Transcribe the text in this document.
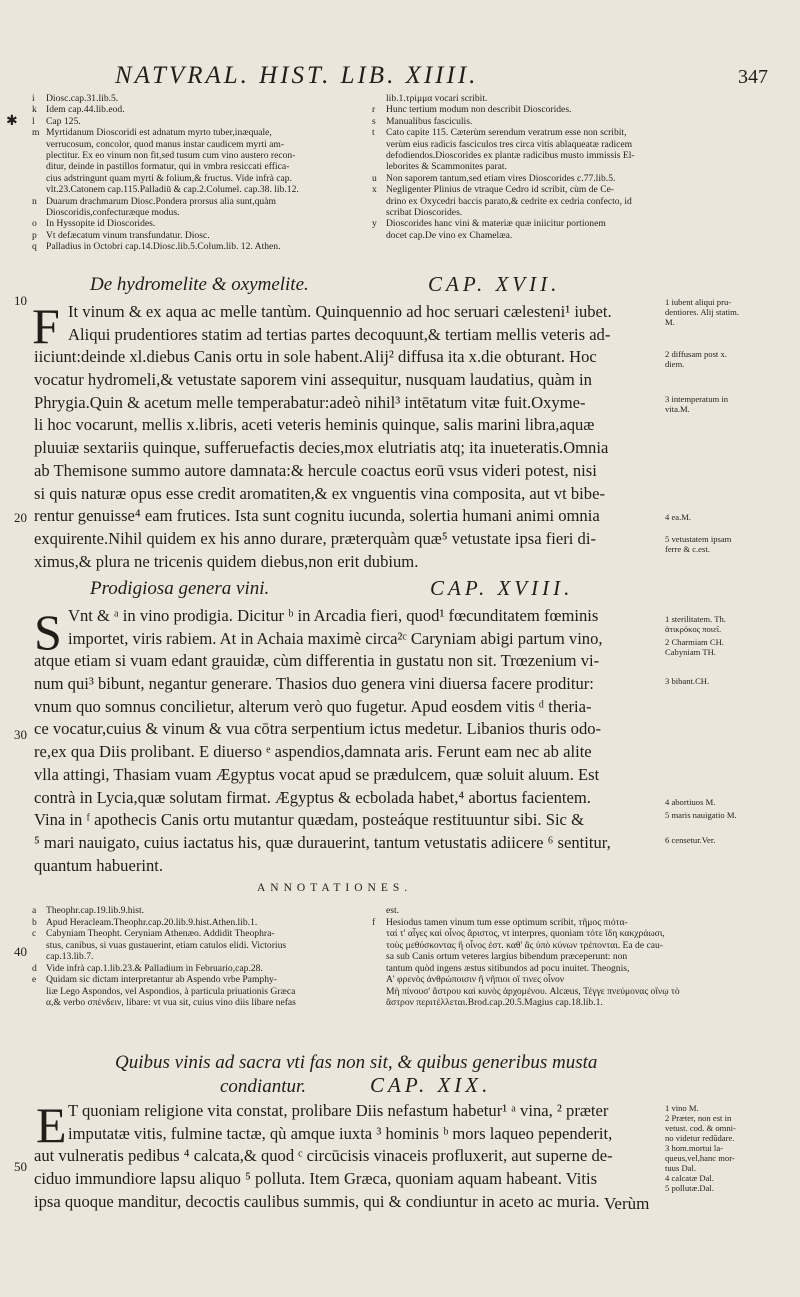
NATVRAL. HIST. LIB. XIIII.	347
✱
i Diosc.cap.31.lib.5.
k Idem cap.44.lib.eod.
l Cap 125.
m Myrtidanum Dioscoridi est adnatum myrto tuber,inæquale,
verrucosum, concolor, quod manus instar caudicem myrti am-
plectitur. Ex eo vinum non fit,sed tusum cum vino austero recon-
ditur, deinde in pastillos formatur, qui in vmbra resiccati effica-
cius adstringunt quam myrti & folium,& fructus. Vide infrà cap.
vlt.23.Catonem cap.115.Palladiū & cap.2.Columel. cap.38. lib.12.
n Duarum drachmarum Diosc.Pondera prorsus alia sunt,quàm
Dioscoridis,confecturæque modus.
o In Hyssopite id Dioscorides.
p Vt defæcatum vinum transfundatur. Diosc.
q Palladius in Octobri cap.14.Diosc.lib.5.Colum.lib. 12. Athen.
lib.1.τρίμμα vocari scribit.
r Hunc tertium modum non describit Dioscorides.
s Manualibus fasciculis.
t Cato capite 115. Cæterùm serendum veratrum esse non scribit,
verùm eius radicis fasciculos tres circa vitis ablaqueatæ radicem
defodiendos.Dioscorides ex plantæ radicibus musto immissis El-
leborites & Scammonites parat.
u Non saporem tantum,sed etiam vires Dioscorides c.77.lib.5.
x Negligenter Plinius de vtraque Cedro id scribit, cùm de Ce-
drino ex Oxycedri baccis parato,& cedrite ex cedria confecto, id
scribat Dioscorides.
y Dioscorides hanc vini & materiæ quæ iniicitur portionem
docet cap.De vino ex Chamelæa.
De hydromelite & oxymelite.	CAP. XVII.
F It vinum & ex aqua ac melle tantùm. Quinquennio ad hoc seruari cælesteni¹ iubet.
Aliqui prudentiores statim ad tertias partes decoquunt,& tertiam mellis veteris ad-
iiciunt:deinde xl.diebus Canis ortu in sole habent.Alij² diffusa ita x.die obturant. Hoc
vocatur hydromeli,& vetustate saporem vini assequitur, nusquam laudatius, quàm in
Phrygia.Quin & acetum melle temperabatur:adeò nihil³ intētatum vitæ fuit.Oxyme-
li hoc vocarunt, mellis x.libris, aceti veteris heminis quinque, salis marini libra,aquæ
pluuiæ sextariis quinque, sufferuefactis decies,mox elutriatis atq; ita inueteratis.Omnia
ab Themisone summo autore damnata:& hercule coactus eorū vsus videri potest, nisi
si quis naturæ opus esse credit aromatiten,& ex vnguentis vina composita, aut vt bibe-
rentur genuisse⁴ eam frutices. Ista sunt cognitu iucunda, solertia humani animi omnia
exquirente.Nihil quidem ex his anno durare, præterquàm quæ⁵ vetustate ipsa fieri di-
ximus,& plura ne tricenis quidem diebus,non erit dubium.
Prodigiosa genera vini.	CAP. XVIII.
S Vnt & ᵃ in vino prodigia. Dicitur ᵇ in Arcadia fieri, quod¹ fœcunditatem fœminis
importet, viris rabiem. At in Achaia maximè circa²ᶜ Caryniam abigi partum vino,
atque etiam si vuam edant grauidæ, cùm differentia in gustatu non sit. Trœzenium vi-
num qui³ bibunt, negantur generare. Thasios duo genera vini diuersa facere proditur:
vnum quo somnus concilietur, alterum verò quo fugetur. Apud eosdem vitis ᵈ theria-
ce vocatur,cuius & vinum & vua cōtra serpentium ictus medetur. Libanios thuris odo-
re,ex qua Diis prolibant. E diuerso ᵉ aspendios,damnata aris. Ferunt eam nec ab alite
vlla attingi, Thasiam vuam Ægyptus vocat apud se prædulcem, quæ soluit aluum. Est
contrà in Lycia,quæ solutam firmat. Ægyptus & ecbolada habet,⁴ abortus facientem.
Vina in ᶠ apothecis Canis ortu mutantur quædam, posteáque restituuntur sibi. Sic &
⁵ mari nauigato, cuius iactatus his, quæ durauerint, tantum vetustatis adiicere ⁶ sentitur,
quantum habuerint.
ANNOTATIONES.
a Theophr.cap.19.lib.9.hist.
b Apud Heracleam.Theophr.cap.20.lib.9.hist.Athen.lib.1.
c Cabyniam Theopht. Ceryniam Athenæo. Addidit Theophra-
stus, canibus, si vuas gustauerint, etiam catulos elidi. Victorius
cap.13.lib.7.
d Vide infrà cap.1.lib.23.& Palladium in Februario,cap.28.
e Quidam sic dictam interpretantur ab Aspendo vrbe Pamphy-
liæ Lego Aspondos, vel Aspondios, à particula priuationis Græca
α,& verbo σπένδειν, libare: vt vua sit, cuius vino diis libare nefas
est.
f Hesiodus tamen vinum tum esse optimum scribit, τῆμος πιότα-
ταί τ' αἶγες καὶ οἶνος ἄριστος, vt interpres, quoniam τότε ἴδη κακχράωσι,
τοὺς μεθύσκοντας ἢ οἶνος ἐστ. καθ' ἃς ὑπὸ κύνων τρέπονται. Ea de cau-
sa sub Canis ortum veteres largius bibendum præceperunt: non
tantum quòd ingens æstus sitibundos ad pocu inuitet. Theognis,
Α' φρενὸς ἀνθρώποισιν ἢ νῆπιοι οἵ τινες οἶνον
Μὴ πίνουσ' ἄστρου καὶ κυνὸς ἀρχομένου. Alcæus, Τέγγε πνεύμονας οἴνῳ τὸ
ἄστρον περιτέλλεται.Brod.cap.20.5.Magius cap.18.lib.1.
Quibus vinis ad sacra vti fas non sit, & quibus generibus musta
condiantur.	CAP. XIX.
E T quoniam religione vita constat, prolibare Diis nefastum habetur¹ ᵃ vina, ² præter
imputatæ vitis, fulmine tactæ, qù amque iuxta ³ hominis ᵇ mors laqueo pependerit,
aut vulneratis pedibus ⁴ calcata,& quod ᶜ circūcisis vinaceis profluxerit, aut superne de-
ciduo immundiore lapsu aliquo ⁵ polluta. Item Græca, quoniam aquam habeant. Vitis
ipsa quoque manditur, decoctis caulibus summis, qui & condiuntur in aceto ac muria. Verùm
10
20
30
40
50
1 iubent aliqui pru-
dentiores. Alij statim.
M.
2 diffusam post x.
diem.
3 intemperatum in
vita.M.
4 ea.M.
5 vetustatem ipsam
ferre & c.est.
1 sterilitatem. Th.
ἀτικρόκος ποιεῖ.
2 Charmiam CH.
Cabyniam TH.
3 bibant.CH.
4 abortiuos M.
5 maris nauigatio M.
6 censetur.Ver.
1 vino M.
2 Præter, non est in
vetust. cod. & omni-
no videtur redūdare.
3 hom.mortui la-
queus,vel,hanc mor-
tuus Dal.
4 calcatæ Dal.
5 pollutæ.Dal.
